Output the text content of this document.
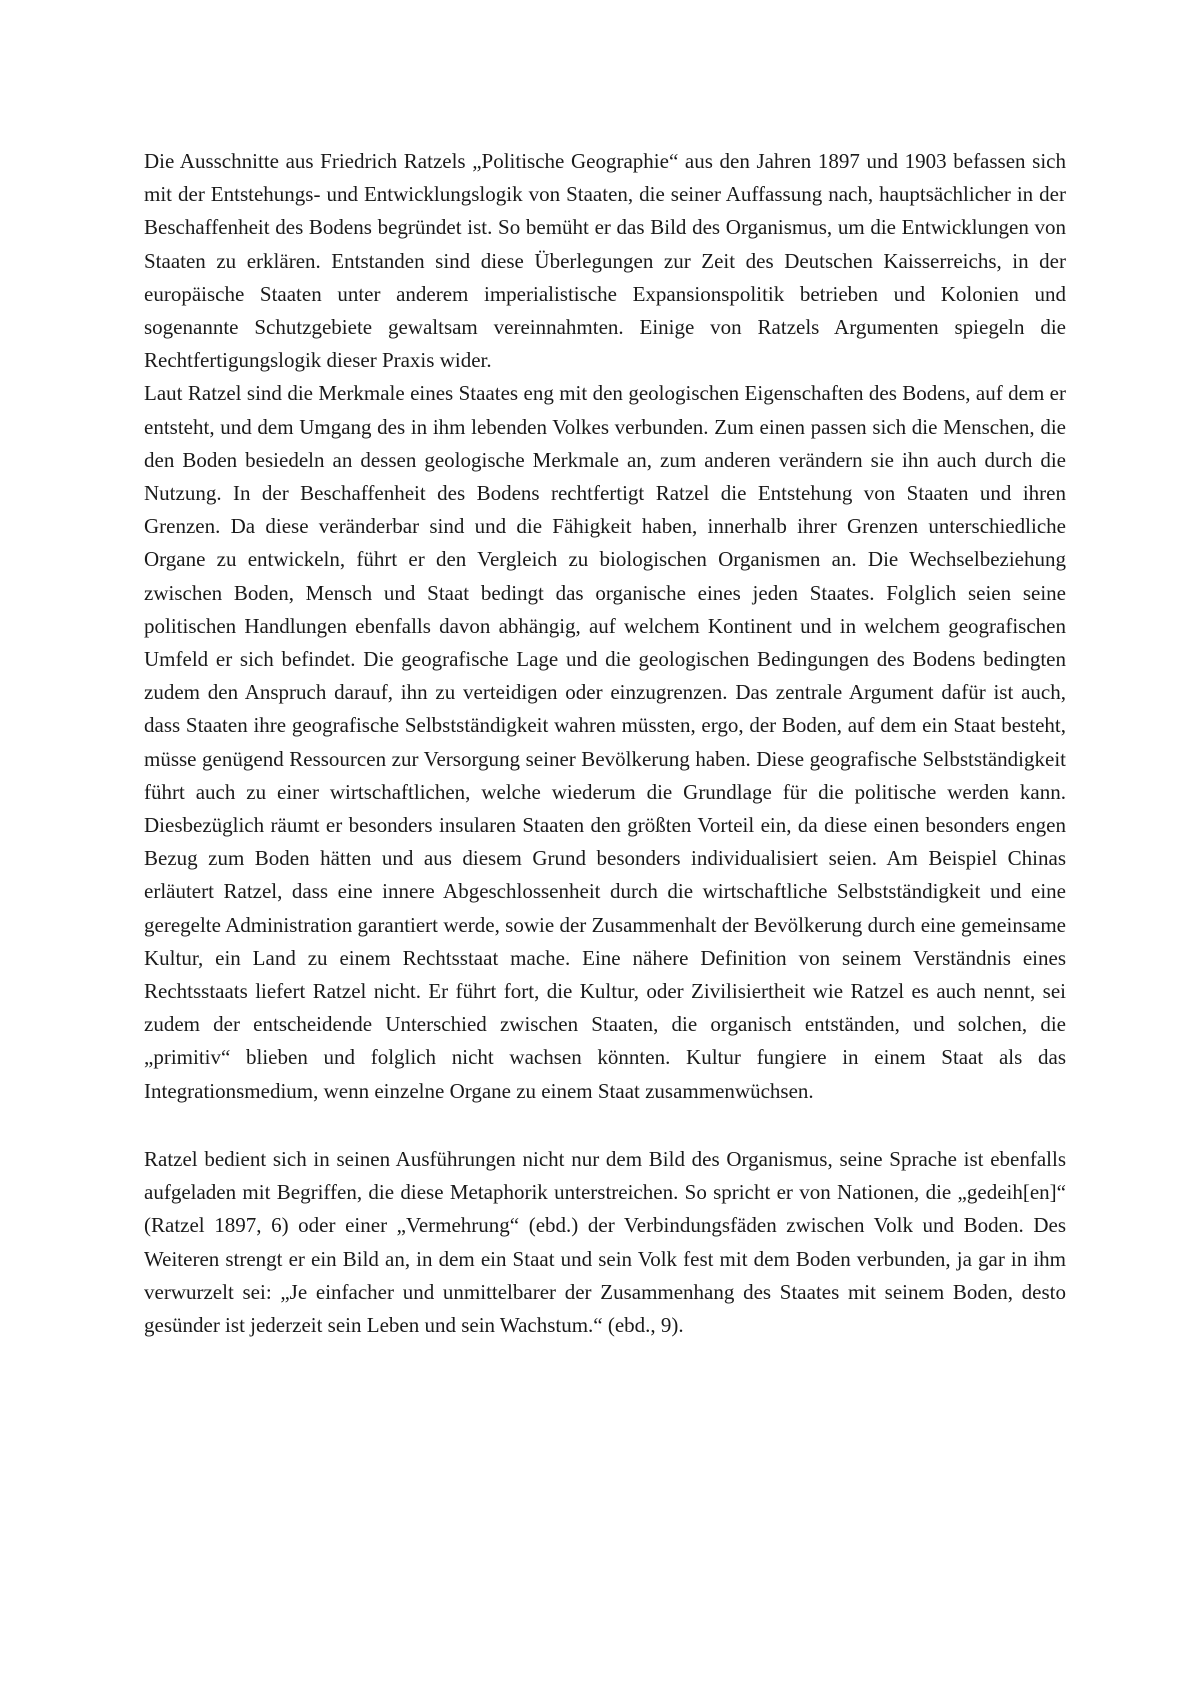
Die Ausschnitte aus Friedrich Ratzels „Politische Geographie“ aus den Jahren 1897 und 1903 befassen sich mit der Entstehungs- und Entwicklungslogik von Staaten, die seiner Auffassung nach, hauptsächlicher in der Beschaffenheit des Bodens begründet ist. So bemüht er das Bild des Organismus, um die Entwicklungen von Staaten zu erklären. Entstanden sind diese Überlegungen zur Zeit des Deutschen Kaisserreichs, in der europäische Staaten unter anderem imperialistische Expansionspolitik betrieben und Kolonien und sogenannte Schutzgebiete gewaltsam vereinnahmten. Einige von Ratzels Argumenten spiegeln die Rechtfertigungslogik dieser Praxis wider.

Laut Ratzel sind die Merkmale eines Staates eng mit den geologischen Eigenschaften des Bodens, auf dem er entsteht, und dem Umgang des in ihm lebenden Volkes verbunden. Zum einen passen sich die Menschen, die den Boden besiedeln an dessen geologische Merkmale an, zum anderen verändern sie ihn auch durch die Nutzung. In der Beschaffenheit des Bodens rechtfertigt Ratzel die Entstehung von Staaten und ihren Grenzen. Da diese veränderbar sind und die Fähigkeit haben, innerhalb ihrer Grenzen unterschiedliche Organe zu entwickeln, führt er den Vergleich zu biologischen Organismen an. Die Wechselbeziehung zwischen Boden, Mensch und Staat bedingt das organische eines jeden Staates. Folglich seien seine politischen Handlungen ebenfalls davon abhängig, auf welchem Kontinent und in welchem geografischen Umfeld er sich befindet. Die geografische Lage und die geologischen Bedingungen des Bodens bedingten zudem den Anspruch darauf, ihn zu verteidigen oder einzugrenzen. Das zentrale Argument dafür ist auch, dass Staaten ihre geografische Selbstständigkeit wahren müssten, ergo, der Boden, auf dem ein Staat besteht, müsse genügend Ressourcen zur Versorgung seiner Bevölkerung haben. Diese geografische Selbstständigkeit führt auch zu einer wirtschaftlichen, welche wiederum die Grundlage für die politische werden kann. Diesbezüglich räumt er besonders insularen Staaten den größten Vorteil ein, da diese einen besonders engen Bezug zum Boden hätten und aus diesem Grund besonders individualisiert seien. Am Beispiel Chinas erläutert Ratzel, dass eine innere Abgeschlossenheit durch die wirtschaftliche Selbstständigkeit und eine geregelte Administration garantiert werde, sowie der Zusammenhalt der Bevölkerung durch eine gemeinsame Kultur, ein Land zu einem Rechtsstaat mache. Eine nähere Definition von seinem Verständnis eines Rechtsstaats liefert Ratzel nicht. Er führt fort, die Kultur, oder Zivilisiertheit wie Ratzel es auch nennt, sei zudem der entscheidende Unterschied zwischen Staaten, die organisch entständen, und solchen, die „primitiv“ blieben und folglich nicht wachsen könnten. Kultur fungiere in einem Staat als das Integrationsmedium, wenn einzelne Organe zu einem Staat zusammenwüchsen.

Ratzel bedient sich in seinen Ausführungen nicht nur dem Bild des Organismus, seine Sprache ist ebenfalls aufgeladen mit Begriffen, die diese Metaphorik unterstreichen. So spricht er von Nationen, die „gedeih[en]“ (Ratzel 1897, 6) oder einer „Vermehrung“ (ebd.) der Verbindungsfäden zwischen Volk und Boden. Des Weiteren strengt er ein Bild an, in dem ein Staat und sein Volk fest mit dem Boden verbunden, ja gar in ihm verwurzelt sei: „Je einfacher und unmittelbarer der Zusammenhang des Staates mit seinem Boden, desto gesünder ist jederzeit sein Leben und sein Wachstum.“ (ebd., 9).
